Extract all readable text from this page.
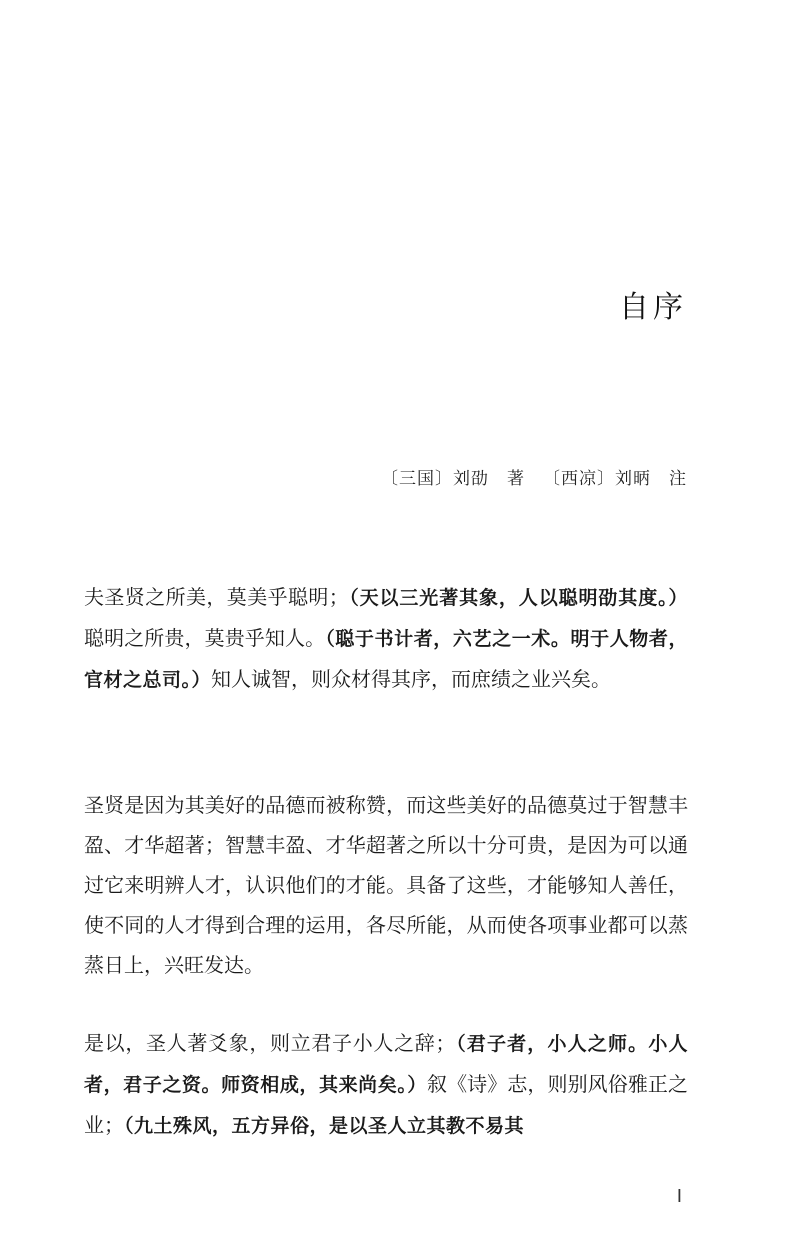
自序
〔三国〕刘劭　著 〔西凉〕刘昞　注

夫圣贤之所美，莫美乎聪明；（天以三光著其象，人以聪明劭其度。）聪明之所贵，莫贵乎知人。（聪于书计者，六艺之一术。明于人物者，官材之总司。）知人诚智，则众材得其序，而庶绩之业兴矣。

圣贤是因为其美好的品德而被称赞，而这些美好的品德莫过于智慧丰盈、才华超著；智慧丰盈、才华超著之所以十分可贵，是因为可以通过它来明辨人才，认识他们的才能。具备了这些，才能够知人善任，使不同的人才得到合理的运用，各尽所能，从而使各项事业都可以蒸蒸日上，兴旺发达。

是以，圣人著爻象，则立君子小人之辞；（君子者，小人之师。小人者，君子之资。师资相成，其来尚矣。）叙《诗》志，则别风俗雅正之业；（九土殊风，五方异俗，是以圣人立其教不易其

I
